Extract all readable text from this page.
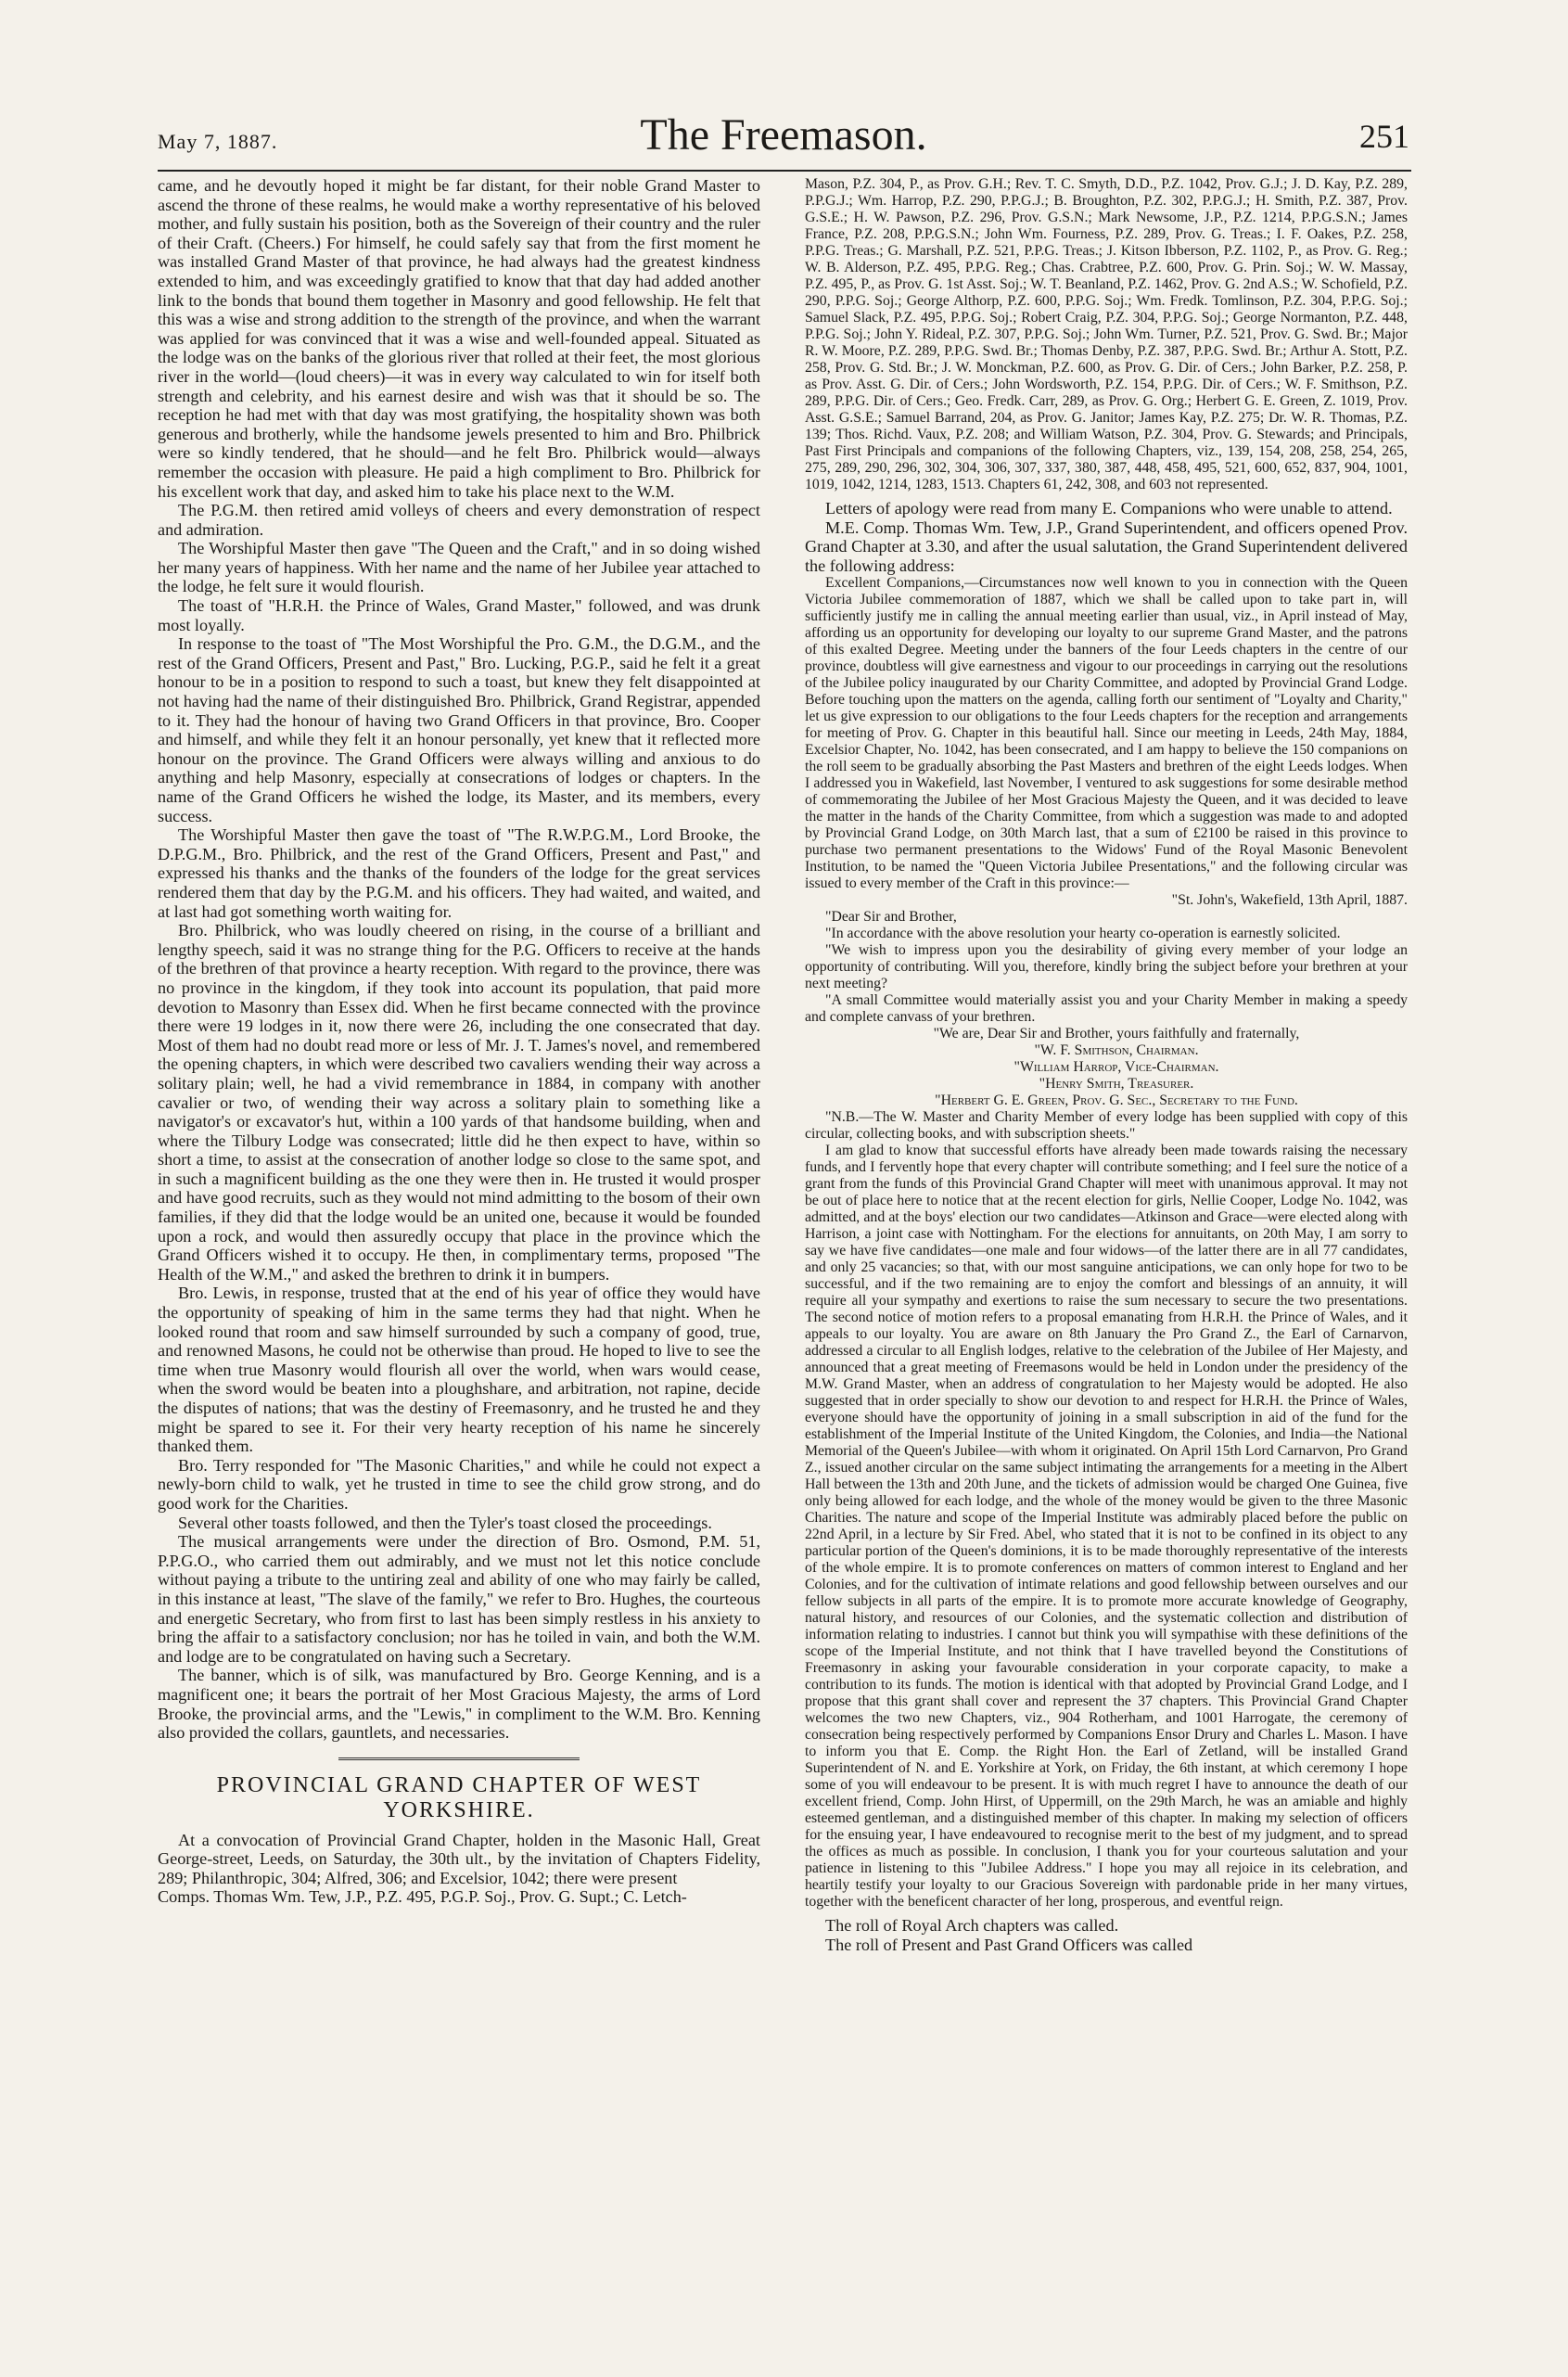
May 7, 1887.	The Freemason.	251

came, and he devoutly hoped it might be far distant, for their noble Grand Master to ascend the throne of these realms, he would make a worthy representative of his beloved mother, and fully sustain his position, both as the Sovereign of their country and the ruler of their Craft. (Cheers.) For himself, he could safely say that from the first moment he was installed Grand Master of that province, he had always had the greatest kindness extended to him, and was exceedingly gratified to know that that day had added another link to the bonds that bound them together in Masonry and good fellowship. He felt that this was a wise and strong addition to the strength of the province, and when the warrant was applied for was convinced that it was a wise and well-founded appeal. Situated as the lodge was on the banks of the glorious river that rolled at their feet, the most glorious river in the world—(loud cheers)—it was in every way calculated to win for itself both strength and celebrity, and his earnest desire and wish was that it should be so. The reception he had met with that day was most gratifying, the hospitality shown was both generous and brotherly, while the handsome jewels presented to him and Bro. Philbrick were so kindly tendered, that he should—and he felt Bro. Philbrick would—always remember the occasion with pleasure. He paid a high compliment to Bro. Philbrick for his excellent work that day, and asked him to take his place next to the W.M.

The P.G.M. then retired amid volleys of cheers and every demonstration of respect and admiration.

The Worshipful Master then gave "The Queen and the Craft," and in so doing wished her many years of happiness. With her name and the name of her Jubilee year attached to the lodge, he felt sure it would flourish.

The toast of "H.R.H. the Prince of Wales, Grand Master," followed, and was drunk most loyally.

In response to the toast of "The Most Worshipful the Pro. G.M., the D.G.M., and the rest of the Grand Officers, Present and Past," Bro. Lucking, P.G.P., said he felt it a great honour to be in a position to respond to such a toast, but knew they felt disappointed at not having had the name of their distinguished Bro. Philbrick, Grand Registrar, appended to it. They had the honour of having two Grand Officers in that province, Bro. Cooper and himself, and while they felt it an honour personally, yet knew that it reflected more honour on the province. The Grand Officers were always willing and anxious to do anything and help Masonry, especially at consecrations of lodges or chapters. In the name of the Grand Officers he wished the lodge, its Master, and its members, every success.

The Worshipful Master then gave the toast of "The R.W.P.G.M., Lord Brooke, the D.P.G.M., Bro. Philbrick, and the rest of the Grand Officers, Present and Past," and expressed his thanks and the thanks of the founders of the lodge for the great services rendered them that day by the P.G.M. and his officers. They had waited, and waited, and at last had got something worth waiting for.

Bro. Philbrick, who was loudly cheered on rising, in the course of a brilliant and lengthy speech, said it was no strange thing for the P.G. Officers to receive at the hands of the brethren of that province a hearty reception. With regard to the province, there was no province in the kingdom, if they took into account its population, that paid more devotion to Masonry than Essex did. When he first became connected with the province there were 19 lodges in it, now there were 26, including the one consecrated that day. Most of them had no doubt read more or less of Mr. J. T. James's novel, and remembered the opening chapters, in which were described two cavaliers wending their way across a solitary plain; well, he had a vivid remembrance in 1884, in company with another cavalier or two, of wending their way across a solitary plain to something like a navigator's or excavator's hut, within a 100 yards of that handsome building, when and where the Tilbury Lodge was consecrated; little did he then expect to have, within so short a time, to assist at the consecration of another lodge so close to the same spot, and in such a magnificent building as the one they were then in. He trusted it would prosper and have good recruits, such as they would not mind admitting to the bosom of their own families, if they did that the lodge would be an united one, because it would be founded upon a rock, and would then assuredly occupy that place in the province which the Grand Officers wished it to occupy. He then, in complimentary terms, proposed "The Health of the W.M.," and asked the brethren to drink it in bumpers.

Bro. Lewis, in response, trusted that at the end of his year of office they would have the opportunity of speaking of him in the same terms they had that night. When he looked round that room and saw himself surrounded by such a company of good, true, and renowned Masons, he could not be otherwise than proud. He hoped to live to see the time when true Masonry would flourish all over the world, when wars would cease, when the sword would be beaten into a ploughshare, and arbitration, not rapine, decide the disputes of nations; that was the destiny of Freemasonry, and he trusted he and they might be spared to see it. For their very hearty reception of his name he sincerely thanked them.

Bro. Terry responded for "The Masonic Charities," and while he could not expect a newly-born child to walk, yet he trusted in time to see the child grow strong, and do good work for the Charities.

Several other toasts followed, and then the Tyler's toast closed the proceedings.

The musical arrangements were under the direction of Bro. Osmond, P.M. 51, P.P.G.O., who carried them out admirably, and we must not let this notice conclude without paying a tribute to the untiring zeal and ability of one who may fairly be called, in this instance at least, "The slave of the family," we refer to Bro. Hughes, the courteous and energetic Secretary, who from first to last has been simply restless in his anxiety to bring the affair to a satisfactory conclusion; nor has he toiled in vain, and both the W.M. and lodge are to be congratulated on having such a Secretary.

The banner, which is of silk, was manufactured by Bro. George Kenning, and is a magnificent one; it bears the portrait of her Most Gracious Majesty, the arms of Lord Brooke, the provincial arms, and the "Lewis," in compliment to the W.M. Bro. Kenning also provided the collars, gauntlets, and necessaries.

PROVINCIAL GRAND CHAPTER OF WEST
YORKSHIRE.

At a convocation of Provincial Grand Chapter, holden in the Masonic Hall, Great George-street, Leeds, on Saturday, the 30th ult., by the invitation of Chapters Fidelity, 289; Philanthropic, 304; Alfred, 306; and Excelsior, 1042; there were present

Comps. Thomas Wm. Tew, J.P., P.Z. 495, P.G.P. Soj., Prov. G. Supt.; C. Letch-

Mason, P.Z. 304, P., as Prov. G.H.; Rev. T. C. Smyth, D.D., P.Z. 1042, Prov. G.J.; J. D. Kay, P.Z. 289, P.P.G.J.; Wm. Harrop, P.Z. 290, P.P.G.J.; B. Broughton, P.Z. 302, P.P.G.J.; H. Smith, P.Z. 387, Prov. G.S.E.; H. W. Pawson, P.Z. 296, Prov. G.S.N.; Mark Newsome, J.P., P.Z. 1214, P.P.G.S.N.; James France, P.Z. 208, P.P.G.S.N.; John Wm. Fourness, P.Z. 289, Prov. G. Treas.; I. F. Oakes, P.Z. 258, P.P.G. Treas.; G. Marshall, P.Z. 521, P.P.G. Treas.; J. Kitson Ibberson, P.Z. 1102, P., as Prov. G. Reg.; W. B. Alderson, P.Z. 495, P.P.G. Reg.; Chas. Crabtree, P.Z. 600, Prov. G. Prin. Soj.; W. W. Massay, P.Z. 495, P., as Prov. G. 1st Asst. Soj.; W. T. Beanland, P.Z. 1462, Prov. G. 2nd A.S.; W. Schofield, P.Z. 290, P.P.G. Soj.; George Althorp, P.Z. 600, P.P.G. Soj.; Wm. Fredk. Tomlinson, P.Z. 304, P.P.G. Soj.; Samuel Slack, P.Z. 495, P.P.G. Soj.; Robert Craig, P.Z. 304, P.P.G. Soj.; George Normanton, P.Z. 448, P.P.G. Soj.; John Y. Rideal, P.Z. 307, P.P.G. Soj.; John Wm. Turner, P.Z. 521, Prov. G. Swd. Br.; Major R. W. Moore, P.Z. 289, P.P.G. Swd. Br.; Thomas Denby, P.Z. 387, P.P.G. Swd. Br.; Arthur A. Stott, P.Z. 258, Prov. G. Std. Br.; J. W. Monckman, P.Z. 600, as Prov. G. Dir. of Cers.; John Barker, P.Z. 258, P. as Prov. Asst. G. Dir. of Cers.; John Wordsworth, P.Z. 154, P.P.G. Dir. of Cers.; W. F. Smithson, P.Z. 289, P.P.G. Dir. of Cers.; Geo. Fredk. Carr, 289, as Prov. G. Org.; Herbert G. E. Green, Z. 1019, Prov. Asst. G.S.E.; Samuel Barrand, 204, as Prov. G. Janitor; James Kay, P.Z. 275; Dr. W. R. Thomas, P.Z. 139; Thos. Richd. Vaux, P.Z. 208; and William Watson, P.Z. 304, Prov. G. Stewards; and Principals, Past First Principals and companions of the following Chapters, viz., 139, 154, 208, 258, 254, 265, 275, 289, 290, 296, 302, 304, 306, 307, 337, 380, 387, 448, 458, 495, 521, 600, 652, 837, 904, 1001, 1019, 1042, 1214, 1283, 1513. Chapters 61, 242, 308, and 603 not represented.

Letters of apology were read from many E. Companions who were unable to attend.

M.E. Comp. Thomas Wm. Tew, J.P., Grand Superintendent, and officers opened Prov. Grand Chapter at 3.30, and after the usual salutation, the Grand Superintendent delivered the following address:

Excellent Companions,—Circumstances now well known to you in connection with the Queen Victoria Jubilee commemoration of 1887, which we shall be called upon to take part in, will sufficiently justify me in calling the annual meeting earlier than usual, viz., in April instead of May, affording us an opportunity for developing our loyalty to our supreme Grand Master, and the patrons of this exalted Degree. Meeting under the banners of the four Leeds chapters in the centre of our province, doubtless will give earnestness and vigour to our proceedings in carrying out the resolutions of the Jubilee policy inaugurated by our Charity Committee, and adopted by Provincial Grand Lodge. Before touching upon the matters on the agenda, calling forth our sentiment of "Loyalty and Charity," let us give expression to our obligations to the four Leeds chapters for the reception and arrangements for meeting of Prov. G. Chapter in this beautiful hall. Since our meeting in Leeds, 24th May, 1884, Excelsior Chapter, No. 1042, has been consecrated, and I am happy to believe the 150 companions on the roll seem to be gradually absorbing the Past Masters and brethren of the eight Leeds lodges. When I addressed you in Wakefield, last November, I ventured to ask suggestions for some desirable method of commemorating the Jubilee of her Most Gracious Majesty the Queen, and it was decided to leave the matter in the hands of the Charity Committee, from which a suggestion was made to and adopted by Provincial Grand Lodge, on 30th March last, that a sum of £2100 be raised in this province to purchase two permanent presentations to the Widows' Fund of the Royal Masonic Benevolent Institution, to be named the "Queen Victoria Jubilee Presentations," and the following circular was issued to every member of the Craft in this province:—

"St. John's, Wakefield, 13th April, 1887.

"Dear Sir and Brother,

"In accordance with the above resolution your hearty co-operation is earnestly solicited.

"We wish to impress upon you the desirability of giving every member of your lodge an opportunity of contributing. Will you, therefore, kindly bring the subject before your brethren at your next meeting?

"A small Committee would materially assist you and your Charity Member in making a speedy and complete canvass of your brethren.

"We are, Dear Sir and Brother, yours faithfully and fraternally,

"W. F. Smithson, Chairman.

"William Harrop, Vice-Chairman.

"Henry Smith, Treasurer.

"Herbert G. E. Green, Prov. G. Sec., Secretary to the Fund.

"N.B.—The W. Master and Charity Member of every lodge has been supplied with copy of this circular, collecting books, and with subscription sheets."

I am glad to know that successful efforts have already been made towards raising the necessary funds, and I fervently hope that every chapter will contribute something; and I feel sure the notice of a grant from the funds of this Provincial Grand Chapter will meet with unanimous approval. It may not be out of place here to notice that at the recent election for girls, Nellie Cooper, Lodge No. 1042, was admitted, and at the boys' election our two candidates—Atkinson and Grace—were elected along with Harrison, a joint case with Nottingham. For the elections for annuitants, on 20th May, I am sorry to say we have five candidates—one male and four widows—of the latter there are in all 77 candidates, and only 25 vacancies; so that, with our most sanguine anticipations, we can only hope for two to be successful, and if the two remaining are to enjoy the comfort and blessings of an annuity, it will require all your sympathy and exertions to raise the sum necessary to secure the two presentations. The second notice of motion refers to a proposal emanating from H.R.H. the Prince of Wales, and it appeals to our loyalty. You are aware on 8th January the Pro Grand Z., the Earl of Carnarvon, addressed a circular to all English lodges, relative to the celebration of the Jubilee of Her Majesty, and announced that a great meeting of Freemasons would be held in London under the presidency of the M.W. Grand Master, when an address of congratulation to her Majesty would be adopted. He also suggested that in order specially to show our devotion to and respect for H.R.H. the Prince of Wales, everyone should have the opportunity of joining in a small subscription in aid of the fund for the establishment of the Imperial Institute of the United Kingdom, the Colonies, and India—the National Memorial of the Queen's Jubilee—with whom it originated. On April 15th Lord Carnarvon, Pro Grand Z., issued another circular on the same subject intimating the arrangements for a meeting in the Albert Hall between the 13th and 20th June, and the tickets of admission would be charged One Guinea, five only being allowed for each lodge, and the whole of the money would be given to the three Masonic Charities. The nature and scope of the Imperial Institute was admirably placed before the public on 22nd April, in a lecture by Sir Fred. Abel, who stated that it is not to be confined in its object to any particular portion of the Queen's dominions, it is to be made thoroughly representative of the interests of the whole empire. It is to promote conferences on matters of common interest to England and her Colonies, and for the cultivation of intimate relations and good fellowship between ourselves and our fellow subjects in all parts of the empire. It is to promote more accurate knowledge of Geography, natural history, and resources of our Colonies, and the systematic collection and distribution of information relating to industries. I cannot but think you will sympathise with these definitions of the scope of the Imperial Institute, and not think that I have travelled beyond the Constitutions of Freemasonry in asking your favourable consideration in your corporate capacity, to make a contribution to its funds. The motion is identical with that adopted by Provincial Grand Lodge, and I propose that this grant shall cover and represent the 37 chapters. This Provincial Grand Chapter welcomes the two new Chapters, viz., 904 Rotherham, and 1001 Harrogate, the ceremony of consecration being respectively performed by Companions Ensor Drury and Charles L. Mason. I have to inform you that E. Comp. the Right Hon. the Earl of Zetland, will be installed Grand Superintendent of N. and E. Yorkshire at York, on Friday, the 6th instant, at which ceremony I hope some of you will endeavour to be present. It is with much regret I have to announce the death of our excellent friend, Comp. John Hirst, of Uppermill, on the 29th March, he was an amiable and highly esteemed gentleman, and a distinguished member of this chapter. In making my selection of officers for the ensuing year, I have endeavoured to recognise merit to the best of my judgment, and to spread the offices as much as possible. In conclusion, I thank you for your courteous salutation and your patience in listening to this "Jubilee Address." I hope you may all rejoice in its celebration, and heartily testify your loyalty to our Gracious Sovereign with pardonable pride in her many virtues, together with the beneficent character of her long, prosperous, and eventful reign.

The roll of Royal Arch chapters was called.

The roll of Present and Past Grand Officers was called
